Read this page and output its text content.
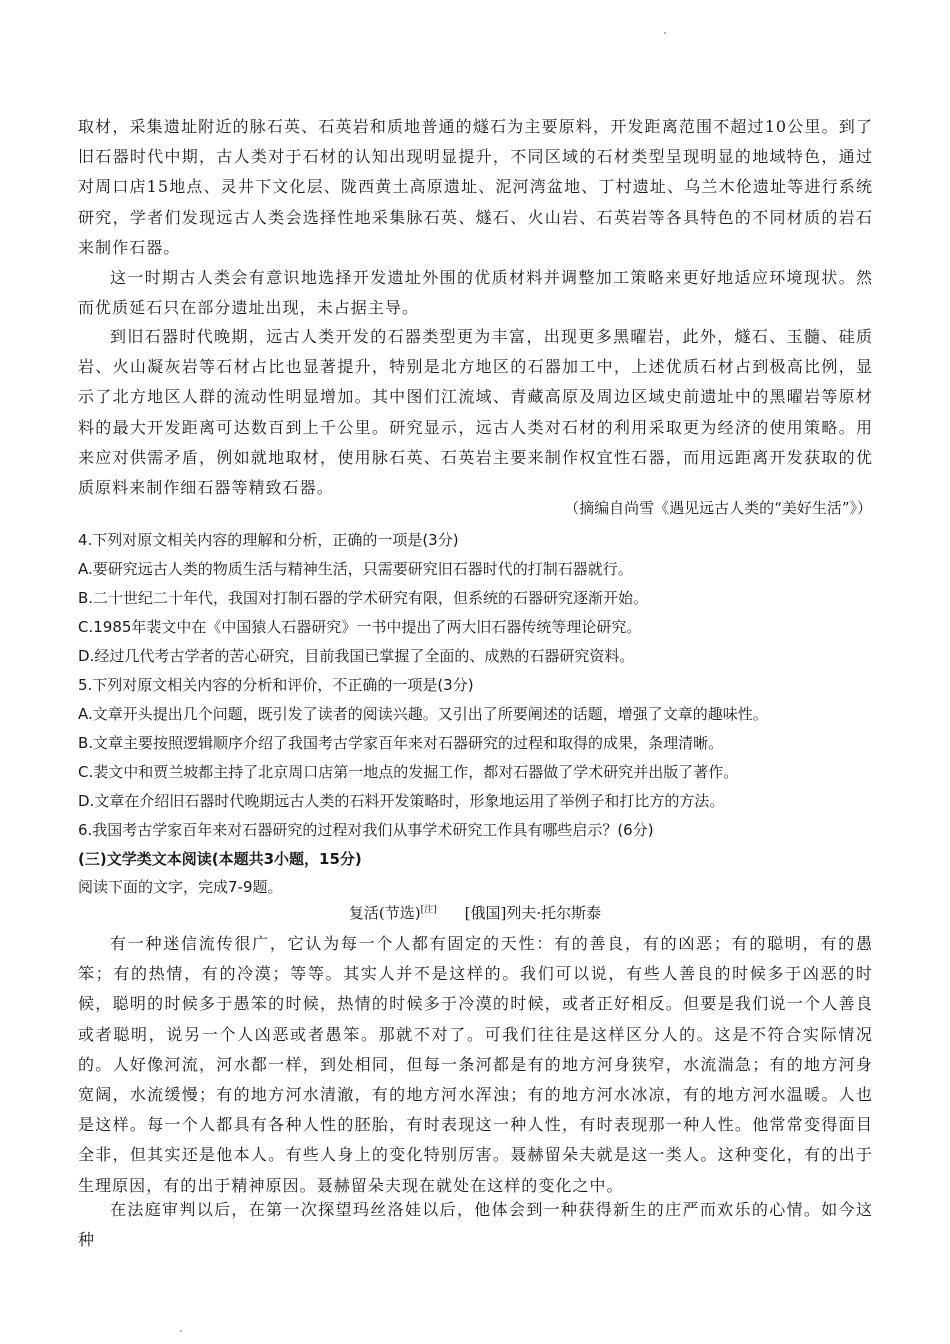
取材，采集遗址附近的脉石英、石英岩和质地普通的燧石为主要原料，开发距离范围不超过10公里。到了旧石器时代中期，古人类对于石材的认知出现明显提升，不同区域的石材类型呈现明显的地域特色，通过对周口店15地点、灵井下文化层、陇西黄土高原遗址、泥河湾盆地、丁村遗址、乌兰木伦遗址等进行系统研究，学者们发现远古人类会选择性地采集脉石英、燧石、火山岩、石英岩等各具特色的不同材质的岩石来制作石器。

这一时期古人类会有意识地选择开发遗址外围的优质材料并调整加工策略来更好地适应环境现状。然而优质延石只在部分遗址出现，未占据主导。

到旧石器时代晚期，远古人类开发的石器类型更为丰富，出现更多黑曜岩，此外，燧石、玉髓、硅质岩、火山凝灰岩等石材占比也显著提升，特别是北方地区的石器加工中，上述优质石材占到极高比例，显示了北方地区人群的流动性明显增加。其中图们江流域、青藏高原及周边区域史前遗址中的黑曜岩等原材料的最大开发距离可达数百到上千公里。研究显示，远古人类对石材的利用采取更为经济的使用策略。用来应对供需矛盾，例如就地取材，使用脉石英、石英岩主要来制作权宜性石器，而用远距离开发获取的优质原料来制作细石器等精致石器。

（摘编自尚雪《遇见远古人类的“美好生活”》）

4.下列对原文相关内容的理解和分析，正确的一项是(3分)

A.要研究远古人类的物质生活与精神生活，只需要研究旧石器时代的打制石器就行。

B.二十世纪二十年代，我国对打制石器的学术研究有限，但系统的石器研究逐渐开始。

C.1985年裴文中在《中国猿人石器研究》一书中提出了两大旧石器传统等理论研究。

D.经过几代考古学者的苦心研究，目前我国已掌握了全面的、成熟的石器研究资料。

5.下列对原文相关内容的分析和评价，不正确的一项是(3分)

A.文章开头提出几个问题，既引发了读者的阅读兴趣。又引出了所要阐述的话题，增强了文章的趣味性。

B.文章主要按照逻辑顺序介绍了我国考古学家百年来对石器研究的过程和取得的成果，条理清晰。

C.裴文中和贾兰坡都主持了北京周口店第一地点的发掘工作，都对石器做了学术研究并出版了著作。

D.文章在介绍旧石器时代晚期远古人类的石料开发策略时，形象地运用了举例子和打比方的方法。

6.我国考古学家百年来对石器研究的过程对我们从事学术研究工作具有哪些启示？(6分)

(三)文学类文本阅读(本题共3小题，15分)

阅读下面的文字，完成7-9题。

复活(节选)[注] [俄国]列夫·托尔斯泰

有一种迷信流传很广，它认为每一个人都有固定的天性：有的善良，有的凶恶；有的聪明，有的愚笨；有的热情，有的冷漠；等等。其实人并不是这样的。我们可以说，有些人善良的时候多于凶恶的时候，聪明的时候多于愚笨的时候，热情的时候多于冷漠的时候，或者正好相反。但要是我们说一个人善良或者聪明，说另一个人凶恶或者愚笨。那就不对了。可我们往往是这样区分人的。这是不符合实际情况的。人好像河流，河水都一样，到处相同，但每一条河都是有的地方河身狭窄，水流湍急；有的地方河身宽阔，水流缓慢；有的地方河水清澈，有的地方河水浑浊；有的地方河水冰凉，有的地方河水温暖。人也是这样。每一个人都具有各种人性的胚胎，有时表现这一种人性，有时表现那一种人性。他常常变得面目全非，但其实还是他本人。有些人身上的变化特别厉害。聂赫留朵夫就是这一类人。这种变化，有的出于生理原因，有的出于精神原因。聂赫留朵夫现在就处在这样的变化之中。

在法庭审判以后，在第一次探望玛丝洛娃以后，他体会到一种获得新生的庄严而欢乐的心情。如今这种
